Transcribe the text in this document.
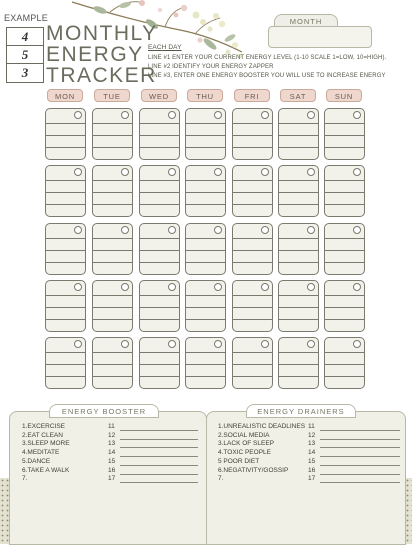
EXAMPLE
4
5
3
MONTHLY
ENERGY
TRACKER
MONTH
EACH DAY
LINE #1 ENTER YOUR CURRENT ENERGY LEVEL (1-10 SCALE 1=LOW, 10=HIGH).
LINE #2 IDENTIFY YOUR ENERGY ZAPPER
LINE #3, ENTER ONE ENERGY BOOSTER YOU WILL USE TO INCREASE ENERGY
MON	TUE	WED	THU	FRI	SAT	SUN
ENERGY BOOSTER
1.EXCERCISE	11
2.EAT CLEAN	12
3.SLEEP MORE	13
4.MEDITATE	14
5.DANCE	15
6.TAKE A WALK	16
7.	17
ENERGY DRAINERS
1.UNREALISTIC DEADLINES 11
2.SOCIAL MEDIA	12
3.LACK OF SLEEP	13
4.TOXIC PEOPLE	14
5 POOR DIET	15
6.NEGATIVITY/GOSSIP	16
7.	17
